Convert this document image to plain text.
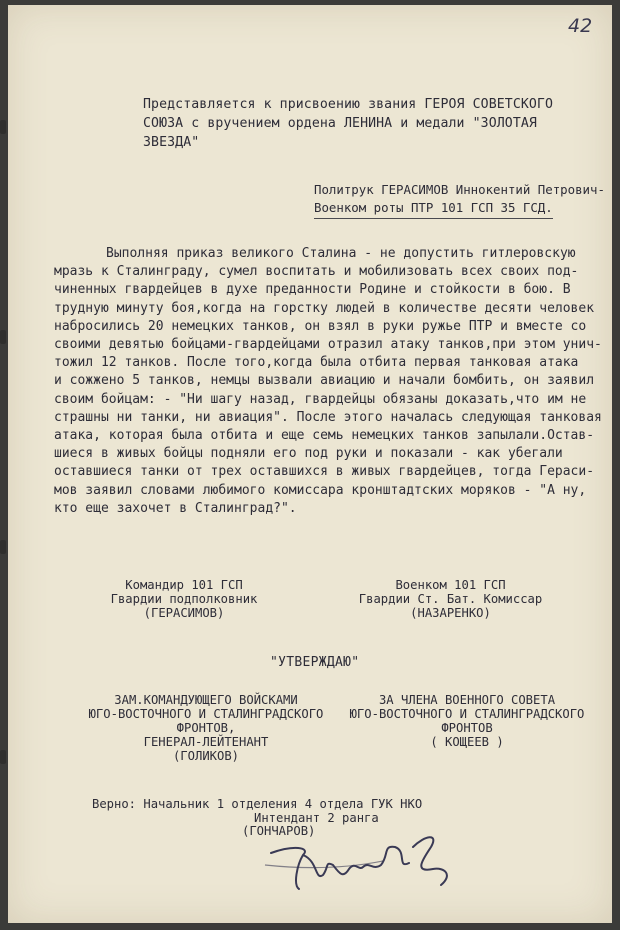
42
Представляется к присвоению звания ГЕРОЯ СОВЕТСКОГО
СОЮЗА с вручением ордена ЛЕНИНА и медали "ЗОЛОТАЯ
ЗВЕЗДА"
Политрук ГЕРАСИМОВ Иннокентий Петрович-
Военком роты ПТР 101 ГСП 35 ГСД.
Выполняя приказ великого Сталина - не допустить гитлеровскую
мразь к Сталинграду, сумел воспитать и мобилизовать всех своих под-
чиненных гвардейцев в духе преданности Родине и стойкости в бою. В
трудную минуту боя,когда на горстку людей в количестве десяти человек
набросились 20 немецких танков, он взял в руки ружье ПТР и вместе со
своими девятью бойцами-гвардейцами отразил атаку танков,при этом унич-
тожил 12 танков. После того,когда была отбита первая танковая атака
и сожжено 5 танков, немцы вызвали авиацию и начали бомбить, он заявил
своим бойцам: - "Ни шагу назад, гвардейцы обязаны доказать,что им не
страшны ни танки, ни авиация". После этого началась следующая танковая
атака, которая была отбита и еще семь немецких танков запылали.Остав-
шиеся в живых бойцы подняли его под руки и показали - как убегали
оставшиеся танки от трех оставшихся в живых гвардейцев, тогда Гераси-
мов заявил словами любимого комиссара кронштадтских моряков - "А ну,
кто еще захочет в Сталинград?".
Командир 101 ГСП
Гвардии подполковник
(ГЕРАСИМОВ)
Военком 101 ГСП
Гвардии Ст. Бат. Комиссар
(НАЗАРЕНКО)
"УТВЕРЖДАЮ"
ЗАМ.КОМАНДУЮЩЕГО ВОЙСКАМИ
ЮГО-ВОСТОЧНОГО И СТАЛИНГРАДСКОГО
ФРОНТОВ,
ГЕНЕРАЛ-ЛЕЙТЕНАНТ
(ГОЛИКОВ)
ЗА ЧЛЕНА ВОЕННОГО СОВЕТА
ЮГО-ВОСТОЧНОГО И СТАЛИНГРАДСКОГО
ФРОНТОВ
( КОЩЕЕВ )
Верно: Начальник 1 отделения 4 отдела ГУК НКО
Интендант 2 ранга
(ГОНЧАРОВ)
